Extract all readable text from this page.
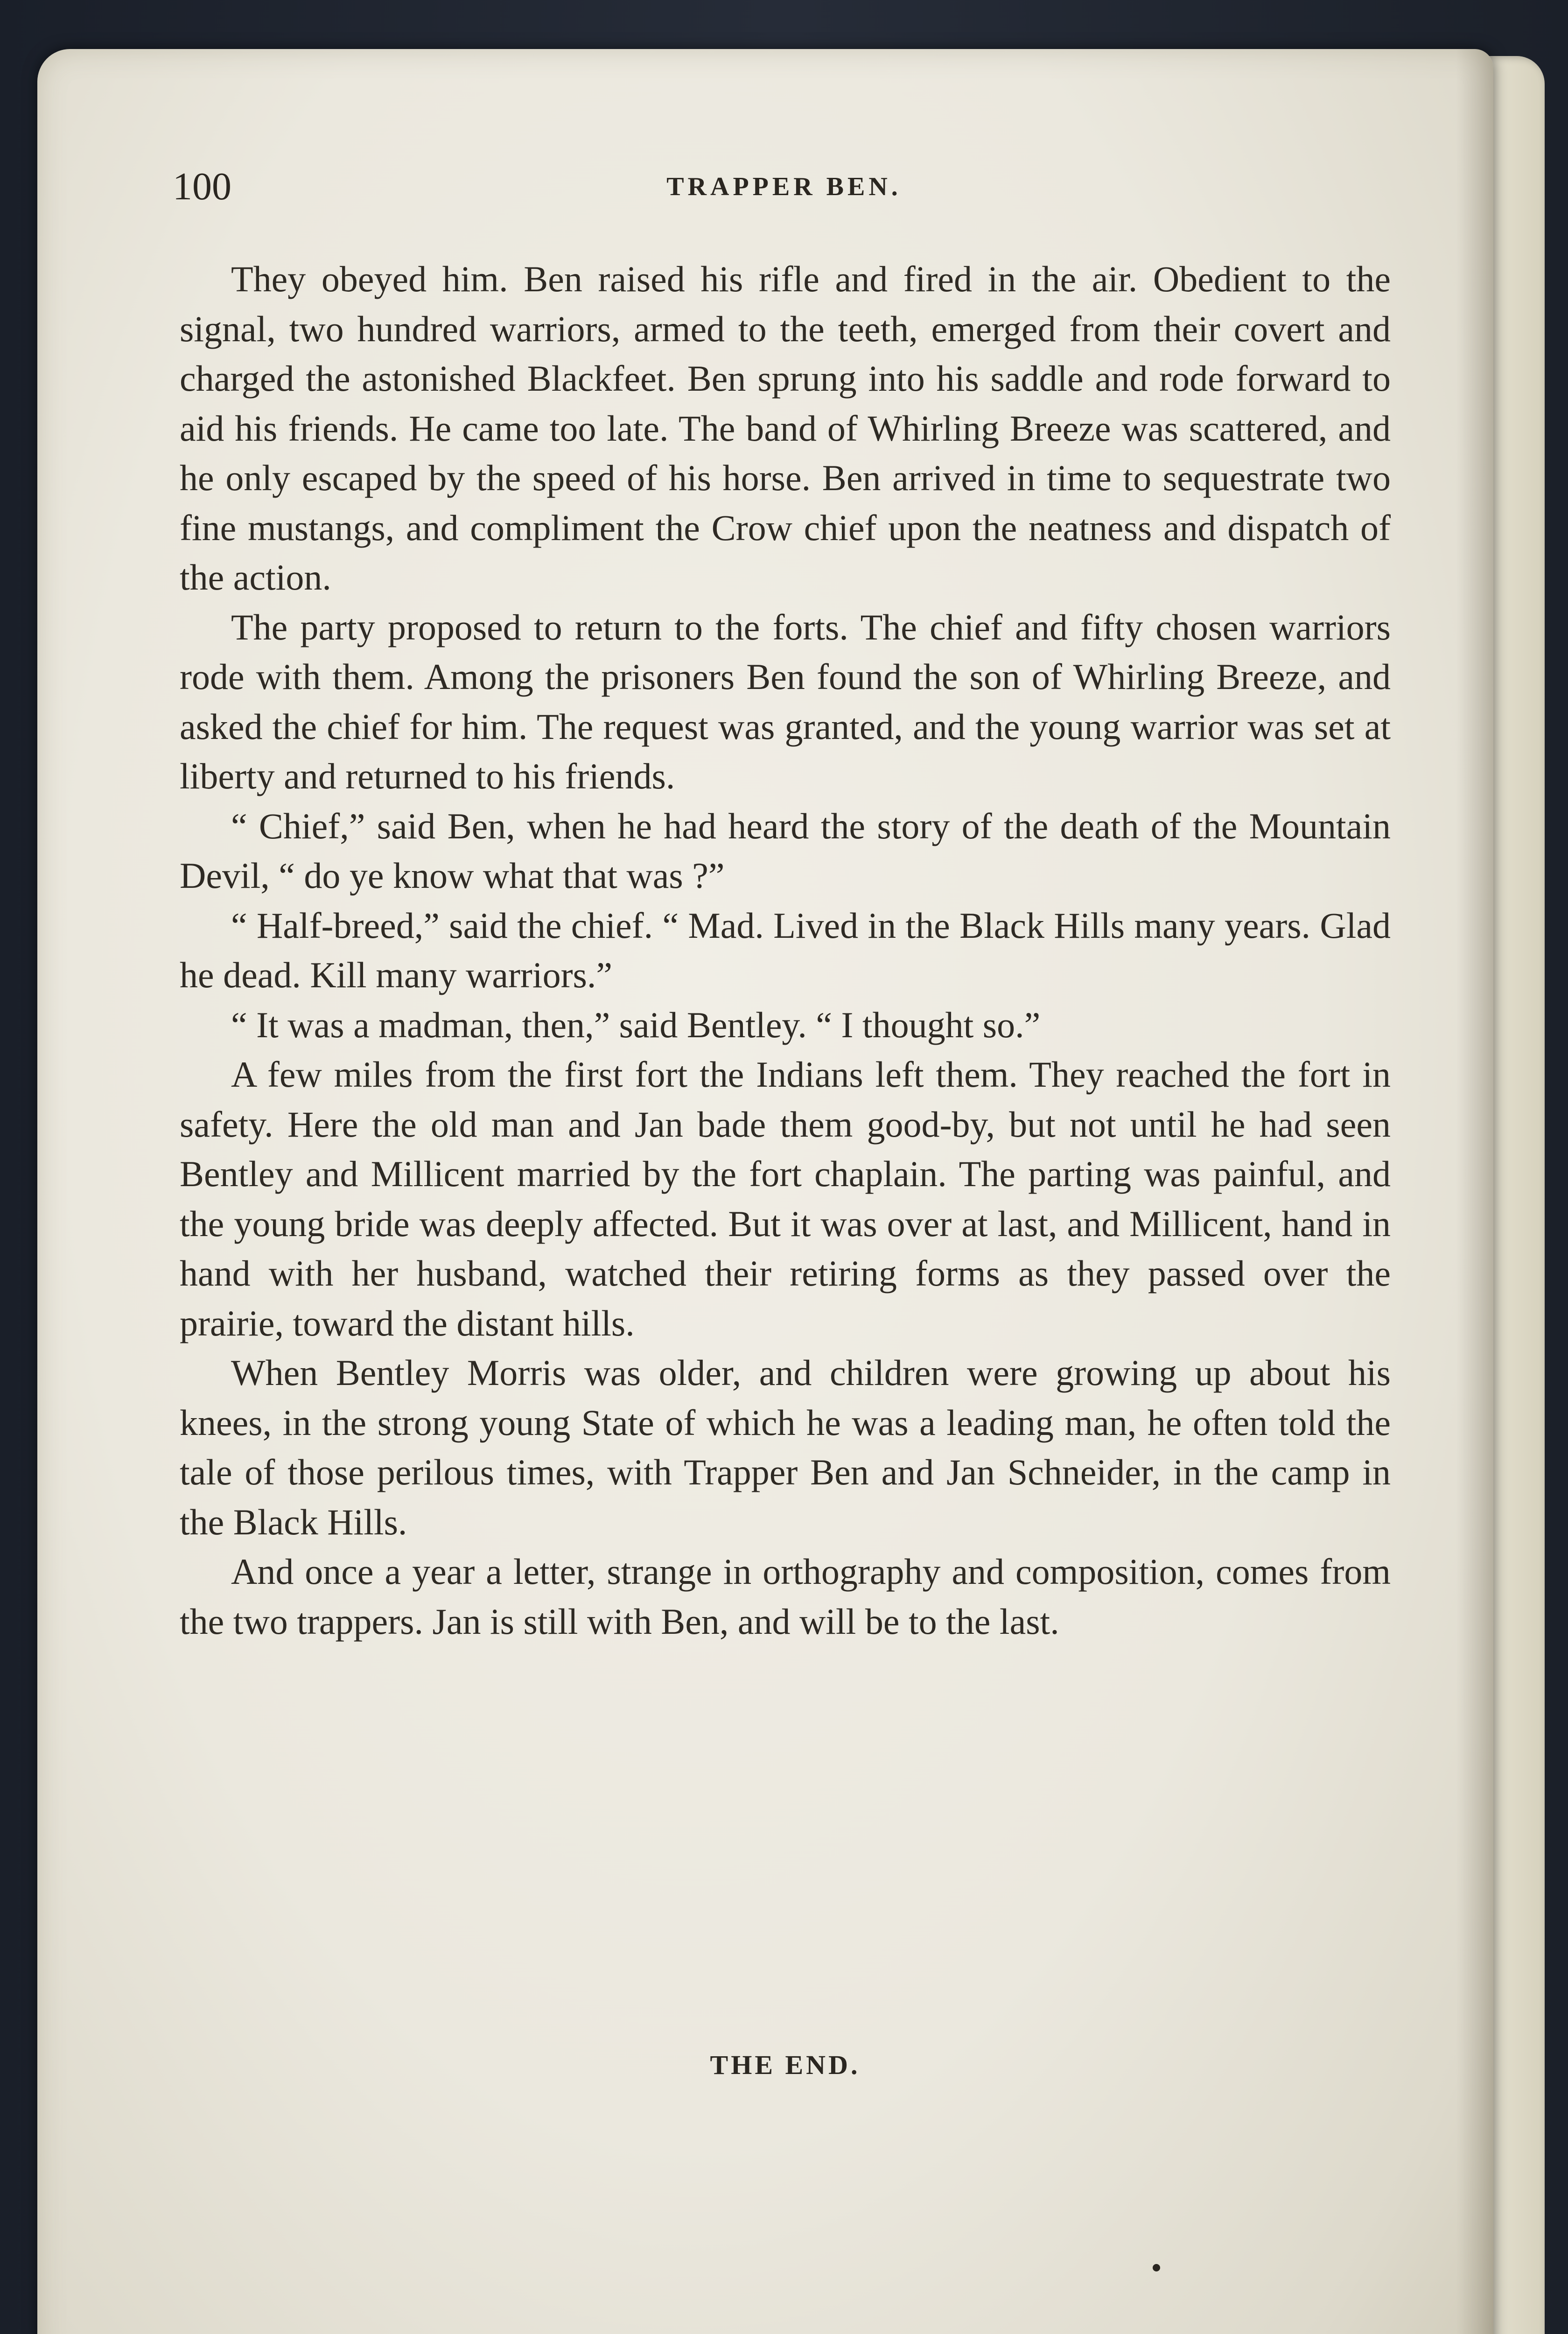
100	TRAPPER BEN.

They obeyed him. Ben raised his rifle and fired in the air. Obedient to the signal, two hundred warriors, armed to the teeth, emerged from their covert and charged the astonished Blackfeet. Ben sprung into his saddle and rode forward to aid his friends. He came too late. The band of Whirling Breeze was scattered, and he only escaped by the speed of his horse. Ben arrived in time to sequestrate two fine mustangs, and compliment the Crow chief upon the neatness and dispatch of the action.

The party proposed to return to the forts. The chief and fifty chosen warriors rode with them. Among the prisoners Ben found the son of Whirling Breeze, and asked the chief for him. The request was granted, and the young warrior was set at liberty and returned to his friends.

“ Chief,” said Ben, when he had heard the story of the death of the Mountain Devil, “ do ye know what that was ?”

“ Half-breed,” said the chief. “ Mad. Lived in the Black Hills many years. Glad he dead. Kill many warriors.”

“ It was a madman, then,” said Bentley. “ I thought so.”

A few miles from the first fort the Indians left them. They reached the fort in safety. Here the old man and Jan bade them good-by, but not until he had seen Bentley and Millicent married by the fort chaplain. The parting was painful, and the young bride was deeply affected. But it was over at last, and Millicent, hand in hand with her husband, watched their retiring forms as they passed over the prairie, toward the distant hills.

When Bentley Morris was older, and children were growing up about his knees, in the strong young State of which he was a leading man, he often told the tale of those perilous times, with Trapper Ben and Jan Schneider, in the camp in the Black Hills.

And once a year a letter, strange in orthography and composition, comes from the two trappers. Jan is still with Ben, and will be to the last.

THE END.
